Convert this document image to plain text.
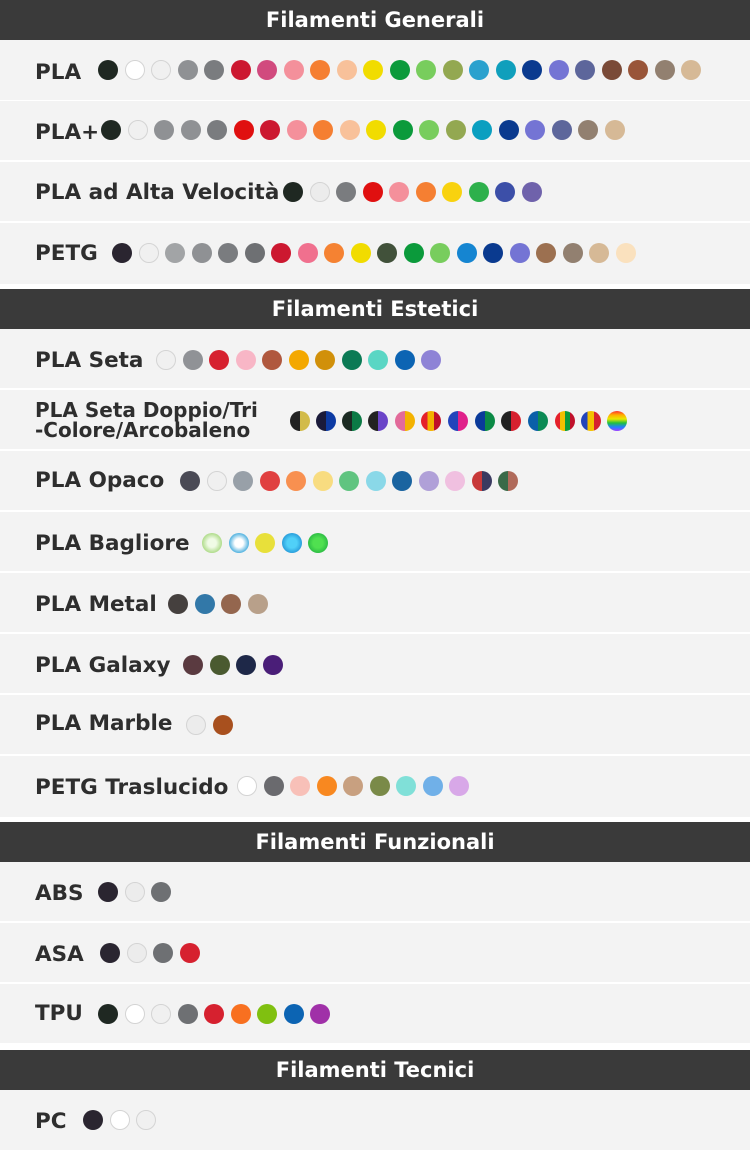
Filamenti Generali
PLA
PLA+
PLA ad Alta Velocità
PETG
Filamenti Estetici
PLA Seta
PLA Seta Doppio/Tri
-Colore/Arcobaleno
PLA Opaco
PLA Bagliore
PLA Metal
PLA Galaxy
PLA Marble
PETG Traslucido
Filamenti Funzionali
ABS
ASA
TPU
Filamenti Tecnici
PC
